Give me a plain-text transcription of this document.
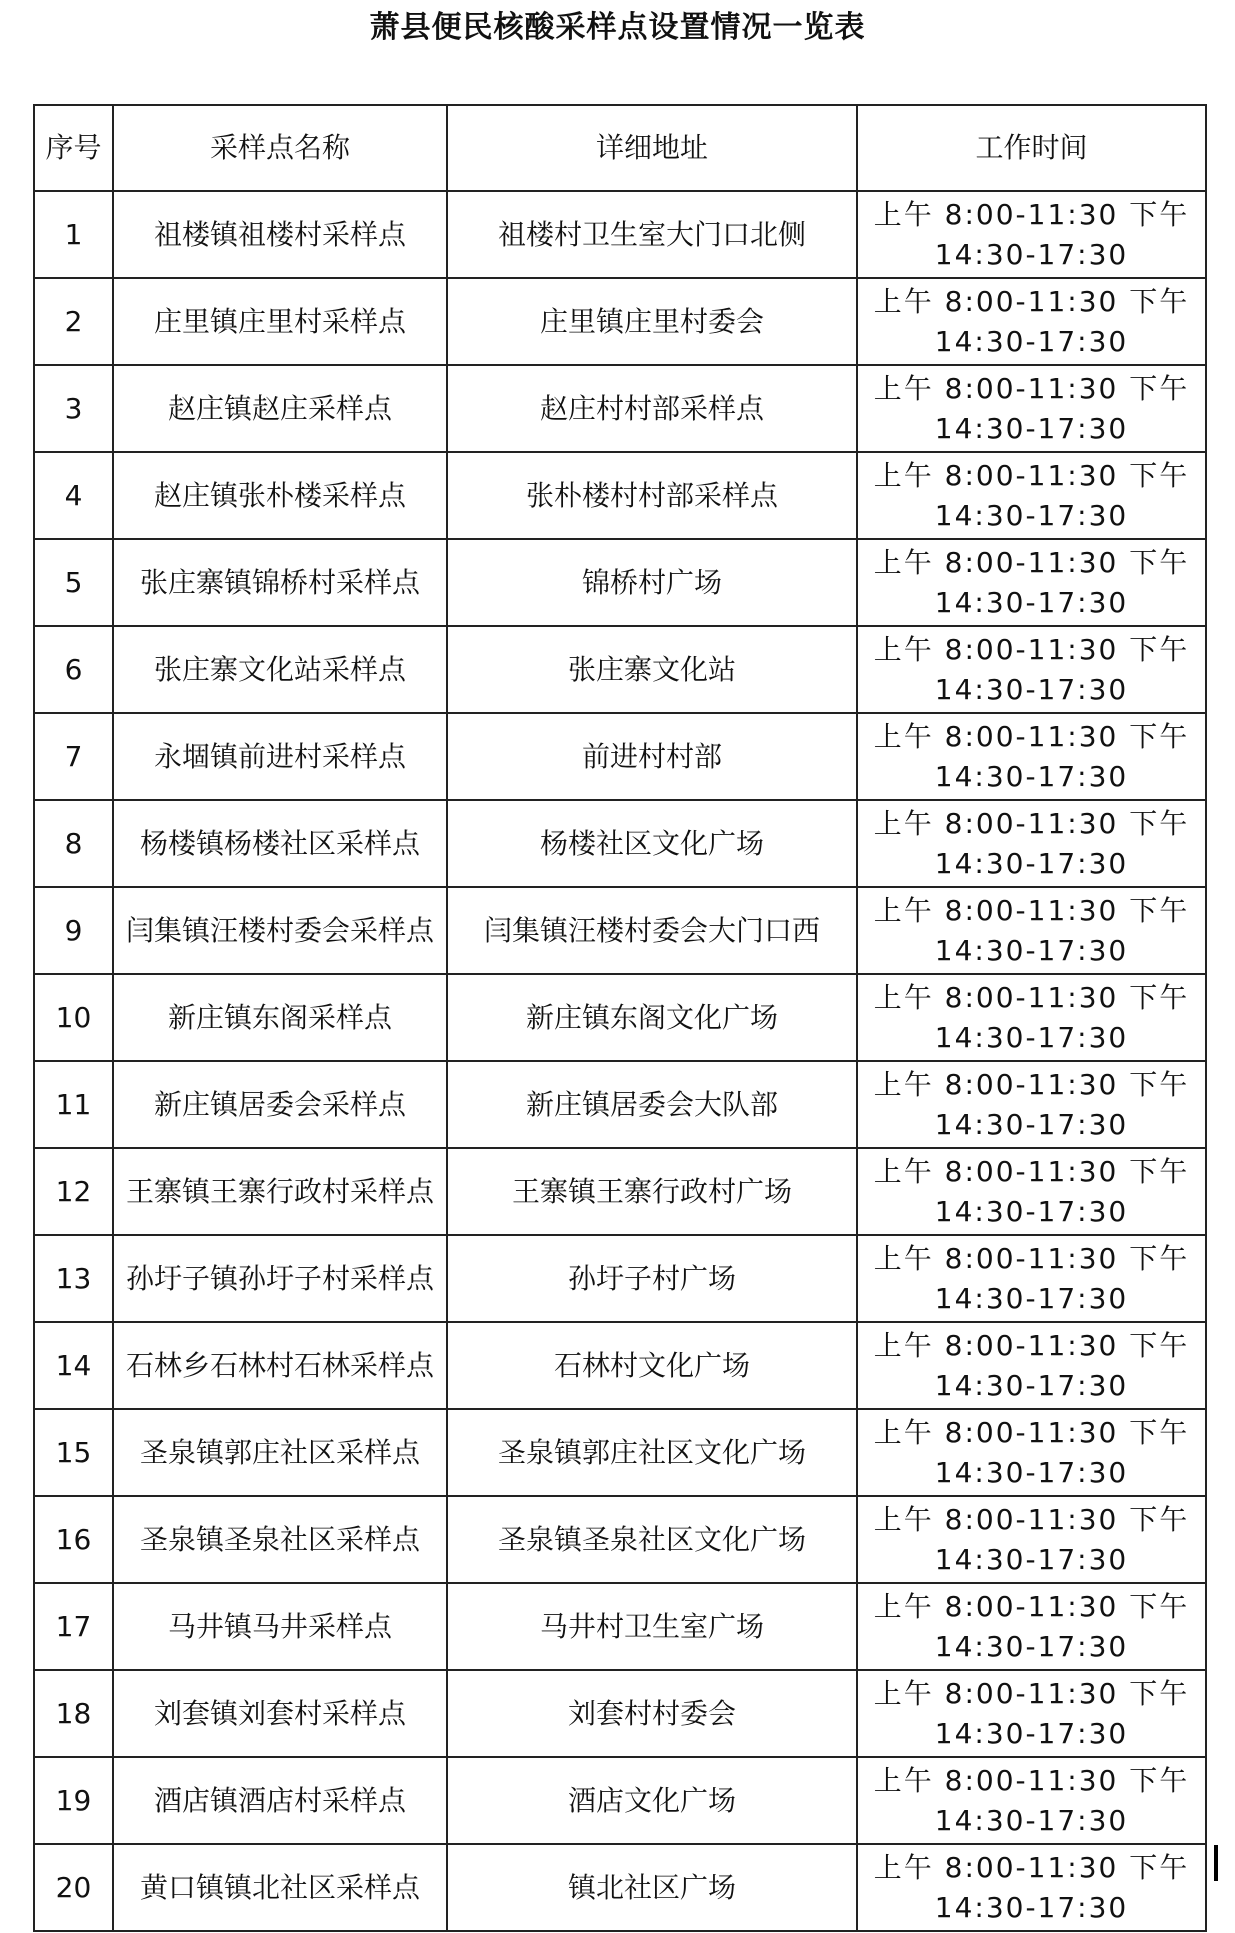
萧县便民核酸采样点设置情况一览表
序号	采样点名称	详细地址	工作时间
1	祖楼镇祖楼村采样点	祖楼村卫生室大门口北侧	上午 8:00-11:30 下午 14:30-17:30
2	庄里镇庄里村采样点	庄里镇庄里村委会	上午 8:00-11:30 下午 14:30-17:30
3	赵庄镇赵庄采样点	赵庄村村部采样点	上午 8:00-11:30 下午 14:30-17:30
4	赵庄镇张朴楼采样点	张朴楼村村部采样点	上午 8:00-11:30 下午 14:30-17:30
5	张庄寨镇锦桥村采样点	锦桥村广场	上午 8:00-11:30 下午 14:30-17:30
6	张庄寨文化站采样点	张庄寨文化站	上午 8:00-11:30 下午 14:30-17:30
7	永堌镇前进村采样点	前进村村部	上午 8:00-11:30 下午 14:30-17:30
8	杨楼镇杨楼社区采样点	杨楼社区文化广场	上午 8:00-11:30 下午 14:30-17:30
9	闫集镇汪楼村委会采样点	闫集镇汪楼村委会大门口西	上午 8:00-11:30 下午 14:30-17:30
10	新庄镇东阁采样点	新庄镇东阁文化广场	上午 8:00-11:30 下午 14:30-17:30
11	新庄镇居委会采样点	新庄镇居委会大队部	上午 8:00-11:30 下午 14:30-17:30
12	王寨镇王寨行政村采样点	王寨镇王寨行政村广场	上午 8:00-11:30 下午 14:30-17:30
13	孙圩子镇孙圩子村采样点	孙圩子村广场	上午 8:00-11:30 下午 14:30-17:30
14	石林乡石林村石林采样点	石林村文化广场	上午 8:00-11:30 下午 14:30-17:30
15	圣泉镇郭庄社区采样点	圣泉镇郭庄社区文化广场	上午 8:00-11:30 下午 14:30-17:30
16	圣泉镇圣泉社区采样点	圣泉镇圣泉社区文化广场	上午 8:00-11:30 下午 14:30-17:30
17	马井镇马井采样点	马井村卫生室广场	上午 8:00-11:30 下午 14:30-17:30
18	刘套镇刘套村采样点	刘套村村委会	上午 8:00-11:30 下午 14:30-17:30
19	酒店镇酒店村采样点	酒店文化广场	上午 8:00-11:30 下午 14:30-17:30
20	黄口镇镇北社区采样点	镇北社区广场	上午 8:00-11:30 下午 14:30-17:30
